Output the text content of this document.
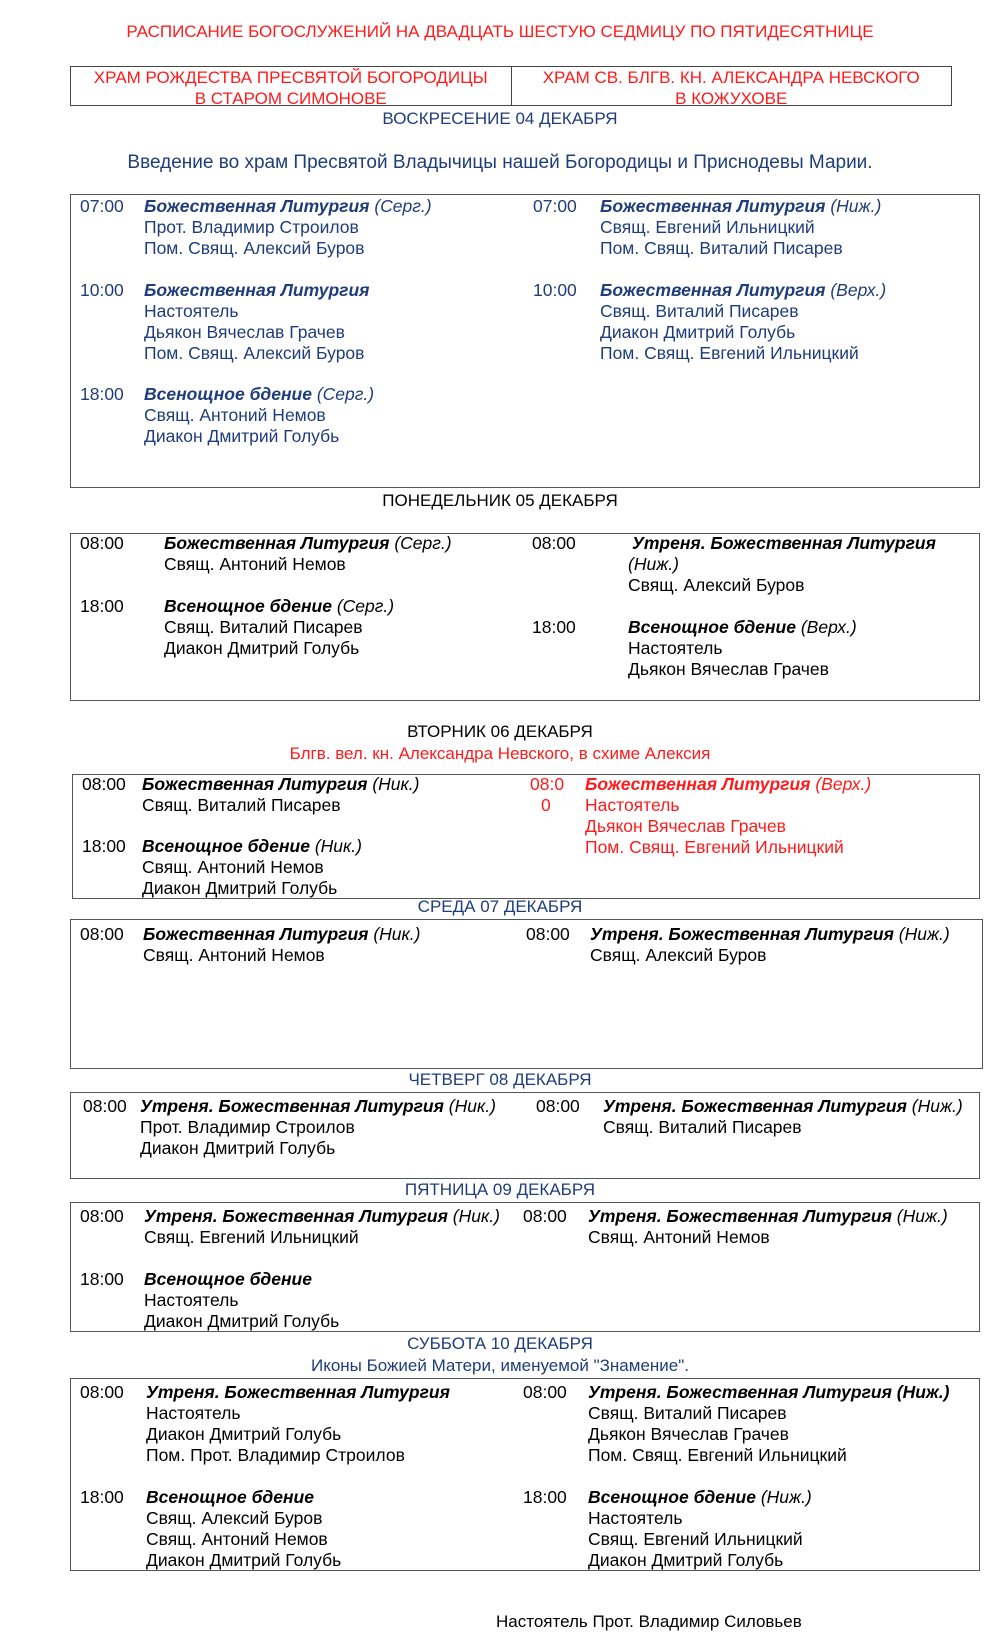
РАСПИСАНИЕ БОГОСЛУЖЕНИЙ НА ДВАДЦАТЬ ШЕСТУЮ СЕДМИЦУ ПО ПЯТИДЕСЯТНИЦЕ
ХРАМ РОЖДЕСТВА ПРЕСВЯТОЙ БОГОРОДИЦЫ
В СТАРОМ СИМОНОВЕ
ХРАМ СВ. БЛГВ. КН. АЛЕКСАНДРА НЕВСКОГО
В КОЖУХОВЕ
ВОСКРЕСЕНИЕ 04 ДЕКАБРЯ
Введение во храм Пресвятой Владычицы нашей Богородицы и Приснодевы Марии.
ПОНЕДЕЛЬНИК 05 ДЕКАБРЯ
ВТОРНИК 06 ДЕКАБРЯ
Блгв. вел. кн. Александра Невского, в схиме Алексия
СРЕДА 07 ДЕКАБРЯ
ЧЕТВЕРГ 08 ДЕКАБРЯ
ПЯТНИЦА 09 ДЕКАБРЯ
СУББОТА 10 ДЕКАБРЯ
Иконы Божией Матери, именуемой "Знамение".
07:00 Божественная Литургия (Серг.)
Прот. Владимир Строилов
Пом. Свящ. Алексий Буров
10:00 Божественная Литургия
Настоятель
Дьякон Вячеслав Грачев
Пом. Свящ. Алексий Буров
18:00 Всенощное бдение (Серг.)
Свящ. Антоний Немов
Диакон Дмитрий Голубь
07:00 Божественная Литургия (Ниж.)
Свящ. Евгений Ильницкий
Пом. Свящ. Виталий Писарев
10:00 Божественная Литургия (Верх.)
Свящ. Виталий Писарев
Диакон Дмитрий Голубь
Пом. Свящ. Евгений Ильницкий
08:00 Божественная Литургия (Серг.)
Свящ. Антоний Немов
18:00 Всенощное бдение (Серг.)
Свящ. Виталий Писарев
Диакон Дмитрий Голубь
08:00	Утреня. Божественная Литургия
(Ниж.)
Свящ. Алексий Буров
18:00	Всенощное бдение (Верх.)
Настоятель
Дьякон Вячеслав Грачев
08:00 Божественная Литургия (Ник.)
Свящ. Виталий Писарев
18:00 Всенощное бдение (Ник.)
Свящ. Антоний Немов
Диакон Дмитрий Голубь
08:0
0
Божественная Литургия (Верх.)
Настоятель
Дьякон Вячеслав Грачев
Пом. Свящ. Евгений Ильницкий
08:00 Божественная Литургия (Ник.)
Свящ. Антоний Немов
08:00 Утреня. Божественная Литургия (Ниж.)
Свящ. Алексий Буров
08:00 Утреня. Божественная Литургия (Ник.)
Прот. Владимир Строилов
Диакон Дмитрий Голубь
08:00 Утреня. Божественная Литургия (Ниж.)
Свящ. Виталий Писарев
08:00 Утреня. Божественная Литургия (Ник.)
Свящ. Евгений Ильницкий
18:00 Всенощное бдение
Настоятель
Диакон Дмитрий Голубь
08:00 Утреня. Божественная Литургия (Ниж.)
Свящ. Антоний Немов
08:00 Утреня. Божественная Литургия
Настоятель
Диакон Дмитрий Голубь
Пом. Прот. Владимир Строилов
18:00 Всенощное бдение
Свящ. Алексий Буров
Свящ. Антоний Немов
Диакон Дмитрий Голубь
08:00 Утреня. Божественная Литургия (Ниж.)
Свящ. Виталий Писарев
Дьякон Вячеслав Грачев
Пом. Свящ. Евгений Ильницкий
18:00 Всенощное бдение (Ниж.)
Настоятель
Свящ. Евгений Ильницкий
Диакон Дмитрий Голубь
Настоятель Прот. Владимир Силовьев
